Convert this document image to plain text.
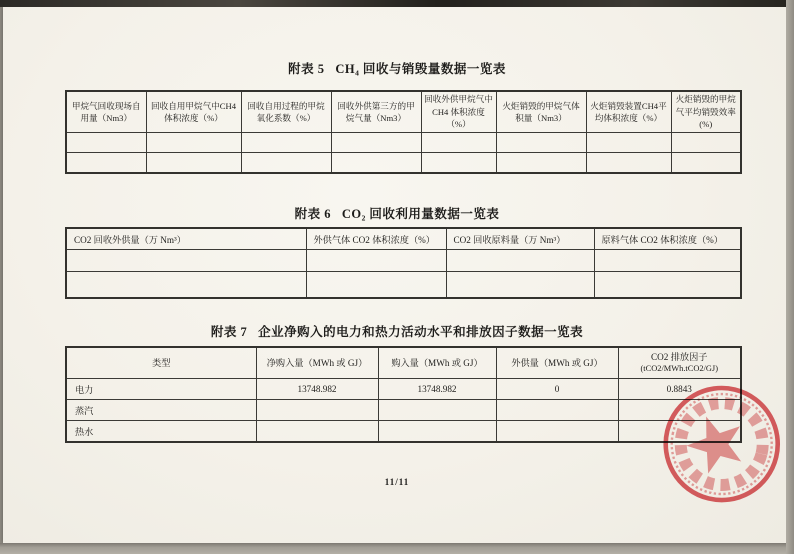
附表 5   CH₄ 回收与销毁量数据一览表
甲烷气回收现场自用量（Nm3）	回收自用甲烷气中CH4 体积浓度（%）	回收自用过程的甲烷氧化系数（%）	回收外供第三方的甲烷气量（Nm3）	回收外供甲烷气中 CH4 体积浓度（%）	火炬销毁的甲烷气体积量（Nm3）	火炬销毁装置CH4平均体积浓度（%）	火炬销毁的甲烷气平均销毁效率(%)

附表 6   CO₂ 回收利用量数据一览表
CO2 回收外供量（万 Nm³）	外供气体 CO2 体积浓度（%）	CO2 回收原料量（万 Nm³）	原料气体 CO2 体积浓度（%）

附表 7   企业净购入的电力和热力活动水平和排放因子数据一览表
类型	净购入量（MWh 或 GJ）	购入量（MWh 或 GJ）	外供量（MWh 或 GJ）	CO2 排放因子
(tCO2/MWh.tCO2/GJ)

电力	13748.982	13748.982	0	0.8843
蒸汽				
热水				
11/11
